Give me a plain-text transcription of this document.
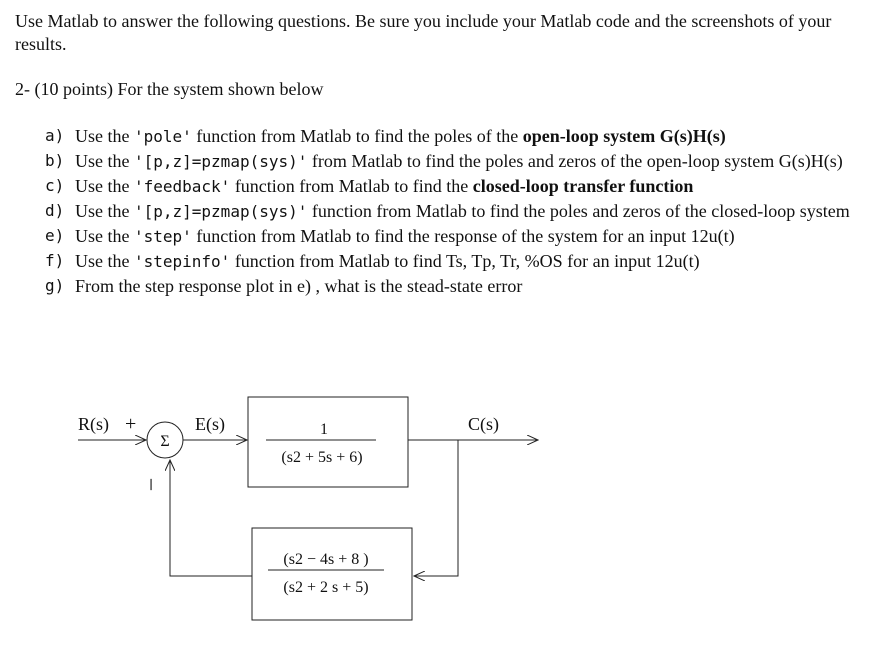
Use Matlab to answer the following questions. Be sure you include your Matlab code and the screenshots of your results.
2- (10 points) For the system shown below
a) Use the 'pole' function from Matlab to find the poles of the open-loop system G(s)H(s)
b) Use the '[p,z]=pzmap(sys)' from Matlab to find the poles and zeros of the open-loop system G(s)H(s)
c) Use the 'feedback' function from Matlab to find the closed-loop transfer function
d) Use the '[p,z]=pzmap(sys)' function from Matlab to find the poles and zeros of the closed-loop system
e) Use the 'step' function from Matlab to find the response of the system for an input 12u(t)
f) Use the 'stepinfo' function from Matlab to find Ts, Tp, Tr, %OS for an input 12u(t)
g) From the step response plot in e) , what is the stead-state error
R(s) +
Σ
E(s)	1
(s2 + 5s + 6)
C(s)
(s2 − 4s + 8 )
(s2 + 2 s + 5)
–
